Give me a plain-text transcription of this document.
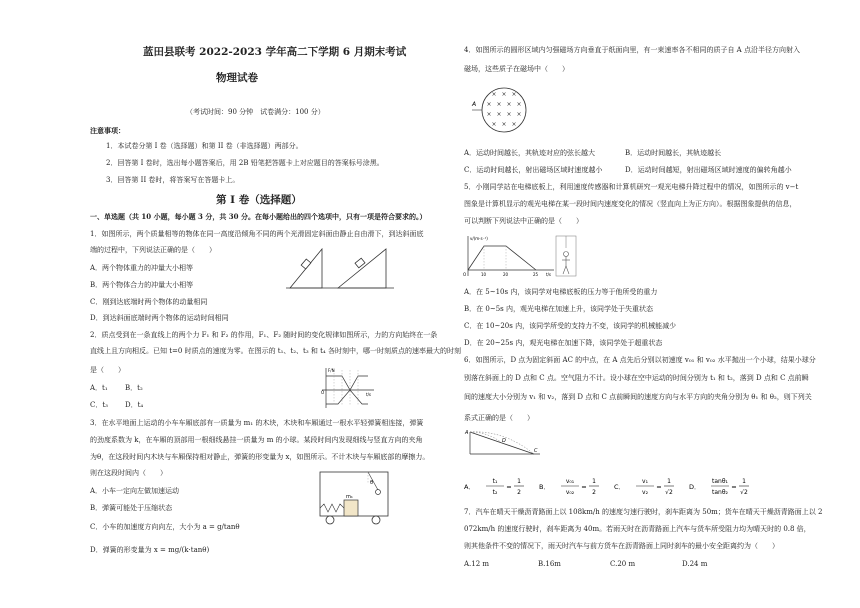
蓝田县联考 2022-2023 学年高二下学期 6 月期末考试
物理试卷
（考试时间：90 分钟　试卷满分：100 分）
注意事项：
1．本试卷分第 I 卷（选择题）和第 II 卷（非选择题）两部分。
2．回答第 I 卷时，选出每小题答案后，用 2B 铅笔把答题卡上对应题目的答案标号涂黑。
3．回答第 II 卷时，将答案写在答题卡上。
第 I 卷（选择题）
一、单选题（共 10 小题，每小题 3 分，共 30 分。在每小题给出的四个选项中，只有一项是符合要求的。）
1．如图所示，两个质量相等的物体在同一高度沿倾角不同的两个光滑固定斜面由静止自由滑下，到达斜面底
端的过程中，下列说法正确的是（　　）
A．两个物体重力的冲量大小相等
B．两个物体合力的冲量大小相等
C．刚到达底端时两个物体的动量相同
D．到达斜面底端时两个物体的运动时间相同
2．质点受到在一条直线上的两个力 F₁ 和 F₂ 的作用，F₁、F₂ 随时间的变化规律如图所示，力的方向始终在一条
直线上且方向相反。已知 t=0 时质点的速度为零。在图示的 t₁、t₂、t₃ 和 t₄ 各时刻中，哪一时刻质点的速率最大的时刻
是（　　）
A．t₁ B．t₂
C．t₃ D．t₄
F/N
O	t/s
3．在水平地面上运动的小车车厢底部有一质量为 m₁ 的木块，木块和车厢通过一根水平轻弹簧相连接，弹簧
的劲度系数为 k，在车厢的顶部用一根细线悬挂一质量为 m 的小球。某段时间内发现细线与竖直方向的夹角
为θ，在这段时间内木块与车厢保持相对静止，弹簧的形变量为 x，如图所示。不计木块与车厢底部的摩擦力。
则在这段时间内（　　）
A．小车一定向左做加速运动
B．弹簧可能处于压缩状态
C．小车的加速度方向向左，大小为 a = g/tanθ
D．弹簧的形变量为 x = mg/(k·tanθ)
m₁
θ
4．如图所示的圆形区域内匀强磁场方向垂直于纸面向里，有一束速率各不相同的质子自 A 点沿半径方向射入
磁场，这些质子在磁场中（　　）
A
× × ×
× × × ×
× × × ×
× × ×
A．运动时间越长，其轨迹对应的弦长越大	B．运动时间越长，其轨迹越长
C．运动时间越长，射出磁场区域时速度越小	D．运动时间越短，射出磁场区域时速度的偏转角越小
5．小刚同学站在电梯底板上，利用速度传感器和计算机研究一观光电梯升降过程中的情况，如图所示的 v−t
图象是计算机显示的观光电梯在某一段时间内速度变化的情况（竖直向上为正方向）。根据图象提供的信息，
可以判断下列说法中正确的是（　　）
v/(m·s⁻¹)
10	20	25 t/s
O
A．在 5~10s 内，该同学对电梯底板的压力等于他所受的重力
B．在 0~5s 内，观光电梯在加速上升，该同学处于失重状态
C．在 10~20s 内，该同学所受的支持力不变，该同学的机械能减少
D．在 20~25s 内，观光电梯在加速下降，该同学处于超重状态
6．如图所示，D 点为固定斜面 AC 的中点，在 A 点先后分别以初速度 v₀₁ 和 v₀₂ 水平抛出一个小球，结果小球分
别落在斜面上的 D 点和 C 点。空气阻力不计。设小球在空中运动的时间分别为 t₁ 和 t₂，落到 D 点和 C 点前瞬
间的速度大小分别为 v₁ 和 v₂，落到 D 点和 C 点前瞬间的速度方向与水平方向的夹角分别为 θ₁ 和 θ₂，则下列关
系式正确的是（　　）
A
D
C
A．
t₁
t₂
=
1
2
B．
v₀₁
v₀₂
=
1
2
C．
v₁
v₂
=
1
√2
D．
tanθ₁
tanθ₂
=
1
√2
7．汽车在晴天干燥沥青路面上以 108km/h 的速度匀速行驶时，刹车距离为 50m；货车在晴天干燥沥青路面上以 2
072km/h 的速度行驶时，刹车距离为 40m。若雨天时在沥青路面上汽车与货车所受阻力均为晴天时的 0.8 倍，
则其他条件不变的情况下，雨天时汽车与前方货车在沥青路面上同时刹车的最小安全距离约为（　　）
A.12 m	B.16m	C.20 m	D.24 m
